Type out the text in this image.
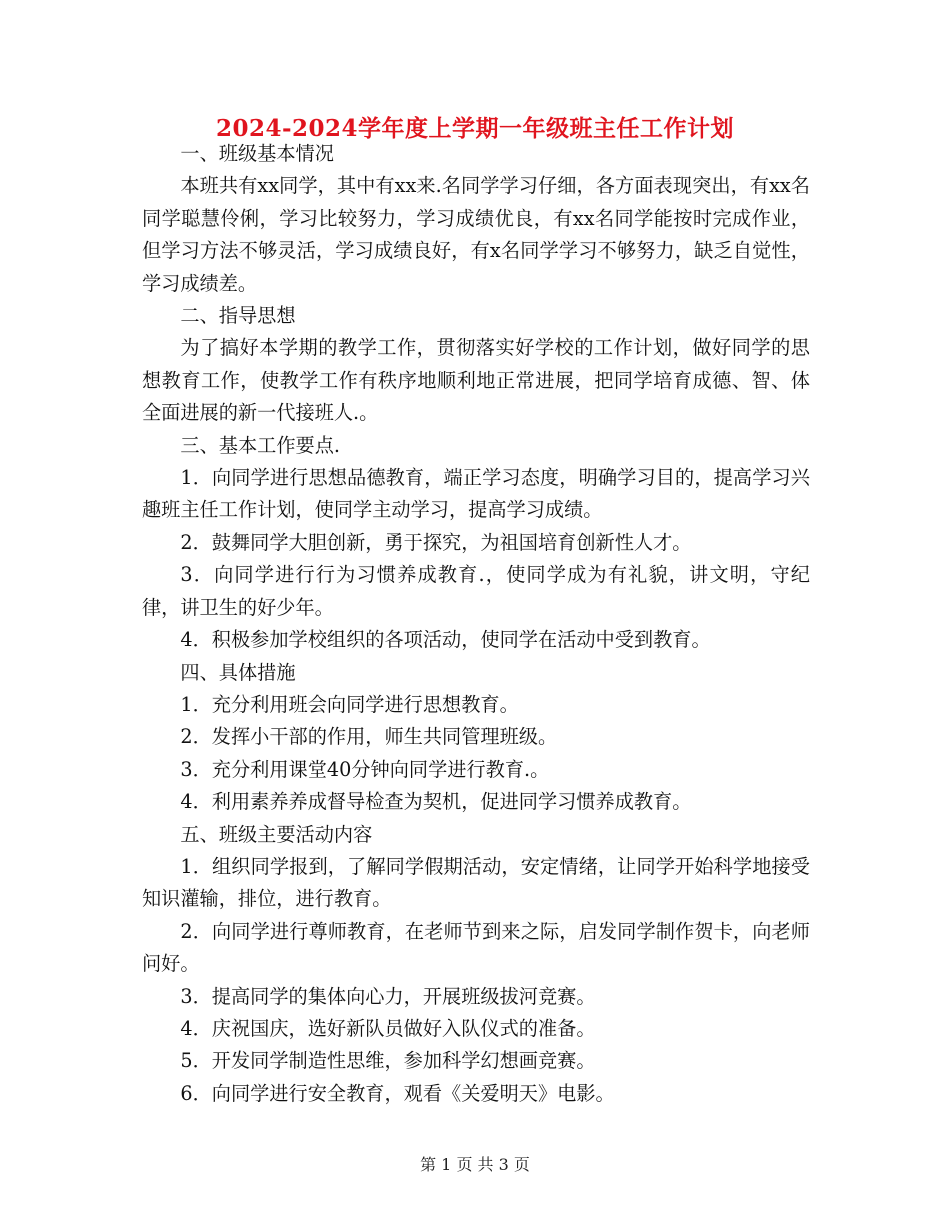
2024-2024学年度上学期一年级班主任工作计划

一、班级基本情况

本班共有xx同学，其中有xx来.名同学学习仔细，各方面表现突出，有xx名同学聪慧伶俐，学习比较努力，学习成绩优良，有xx名同学能按时完成作业，但学习方法不够灵活，学习成绩良好，有x名同学学习不够努力，缺乏自觉性，学习成绩差。

二、指导思想

为了搞好本学期的教学工作，贯彻落实好学校的工作计划，做好同学的思想教育工作，使教学工作有秩序地顺利地正常进展，把同学培育成德、智、体全面进展的新一代接班人.。

三、基本工作要点.

1．向同学进行思想品德教育，端正学习态度，明确学习目的，提高学习兴趣班主任工作计划，使同学主动学习，提高学习成绩。

2．鼓舞同学大胆创新，勇于探究，为祖国培育创新性人才。

3．向同学进行行为习惯养成教育.，使同学成为有礼貌，讲文明，守纪律，讲卫生的好少年。

4．积极参加学校组织的各项活动，使同学在活动中受到教育。

四、具体措施

1．充分利用班会向同学进行思想教育。

2．发挥小干部的作用，师生共同管理班级。

3．充分利用课堂40分钟向同学进行教育.。

4．利用素养养成督导检查为契机，促进同学习惯养成教育。

五、班级主要活动内容

1．组织同学报到，了解同学假期活动，安定情绪，让同学开始科学地接受知识灌输，排位，进行教育。

2．向同学进行尊师教育，在老师节到来之际，启发同学制作贺卡，向老师问好。

3．提高同学的集体向心力，开展班级拔河竞赛。

4．庆祝国庆，选好新队员做好入队仪式的准备。

5．开发同学制造性思维，参加科学幻想画竞赛。

6．向同学进行安全教育，观看《关爱明天》电影。

第 1 页 共 3 页
